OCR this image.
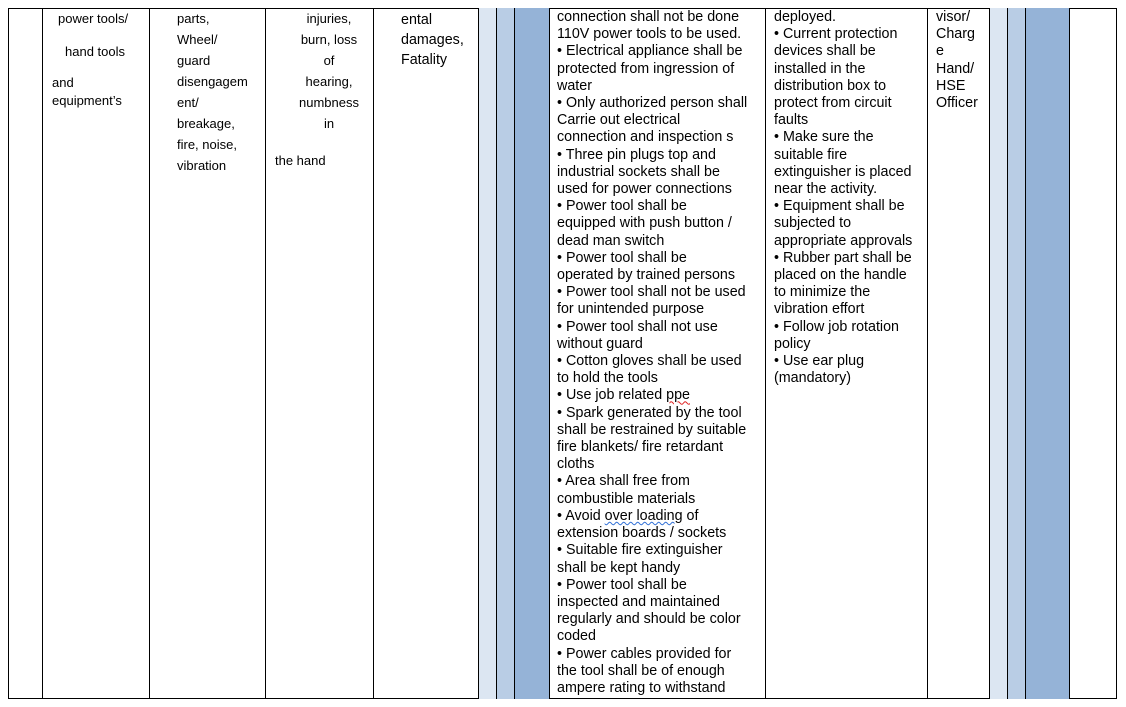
power tools/
hand tools
and
equipment’s
parts,
Wheel/
guard
disengagem
ent/
breakage,
fire, noise,
vibration
injuries,
burn, loss
of
hearing,
numbness
in
the hand
ental
damages,
Fatality
connection shall not be done
110V power tools to be used.
• Electrical appliance shall be
protected from ingression of
water
• Only authorized person shall
Carrie out electrical
connection and inspection s
• Three pin plugs top and
industrial sockets shall be
used for power connections
• Power tool shall be
equipped with push button /
dead man switch
• Power tool shall be
operated by trained persons
• Power tool shall not be used
for unintended purpose
• Power tool shall not use
without guard
• Cotton gloves shall be used
to hold the tools
• Use job related ppe
• Spark generated by the tool
shall be restrained by suitable
fire blankets/ fire retardant
cloths
• Area shall free from
combustible materials
• Avoid over loading of
extension boards / sockets
• Suitable fire extinguisher
shall be kept handy
• Power tool shall be
inspected and maintained
regularly and should be color
coded
• Power cables provided for
the tool shall be of enough
ampere rating to withstand
deployed.
• Current protection
devices shall be
installed in the
distribution box to
protect from circuit
faults
• Make sure the
suitable fire
extinguisher is placed
near the activity.
• Equipment shall be
subjected to
appropriate approvals
• Rubber part shall be
placed on the handle
to minimize the
vibration effort
• Follow job rotation
policy
• Use ear plug
(mandatory)
visor/
Charg
e
Hand/
HSE
Officer
